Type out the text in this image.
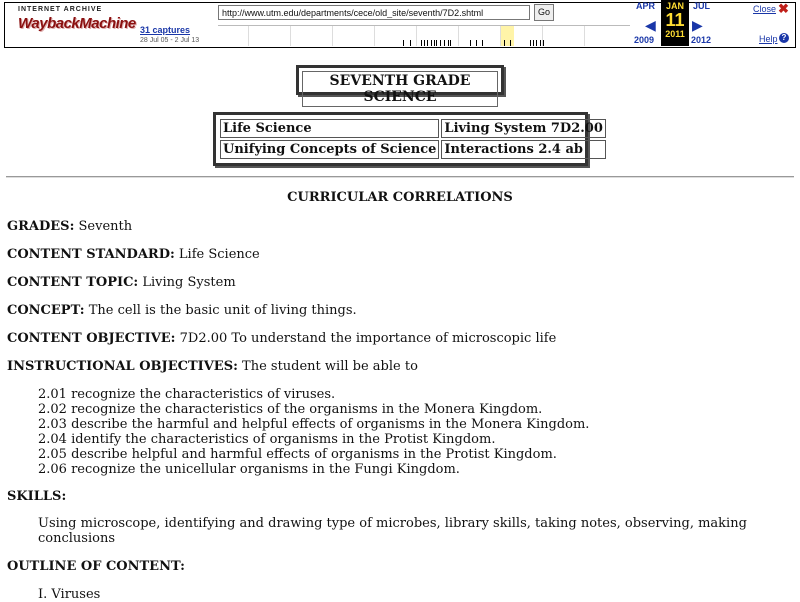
INTERNET ARCHIVE
WaybackMachine
http://www.utm.edu/departments/cece/old_site/seventh/7D2.shtml
Go
31 captures
28 Jul 05 - 2 Jul 13
APR
◀
2009
JAN
11
2011
JUL
▶
2012
Close ✖
Help ?
SEVENTH GRADE SCIENCE
Life Science	Living System 7D2.00
Unifying Concepts of Science	Interactions 2.4 ab
CURRICULAR CORRELATIONS
GRADES: Seventh
CONTENT STANDARD: Life Science
CONTENT TOPIC: Living System
CONCEPT: The cell is the basic unit of living things.
CONTENT OBJECTIVE: 7D2.00 To understand the importance of microscopic life
INSTRUCTIONAL OBJECTIVES: The student will be able to
2.01 recognize the characteristics of viruses.
2.02 recognize the characteristics of the organisms in the Monera Kingdom.
2.03 describe the harmful and helpful effects of organisms in the Monera Kingdom.
2.04 identify the characteristics of organisms in the Protist Kingdom.
2.05 describe helpful and harmful effects of organisms in the Protist Kingdom.
2.06 recognize the unicellular organisms in the Fungi Kingdom.
SKILLS:
Using microscope, identifying and drawing type of microbes, library skills, taking notes, observing, making conclusions
OUTLINE OF CONTENT:
I. Viruses
